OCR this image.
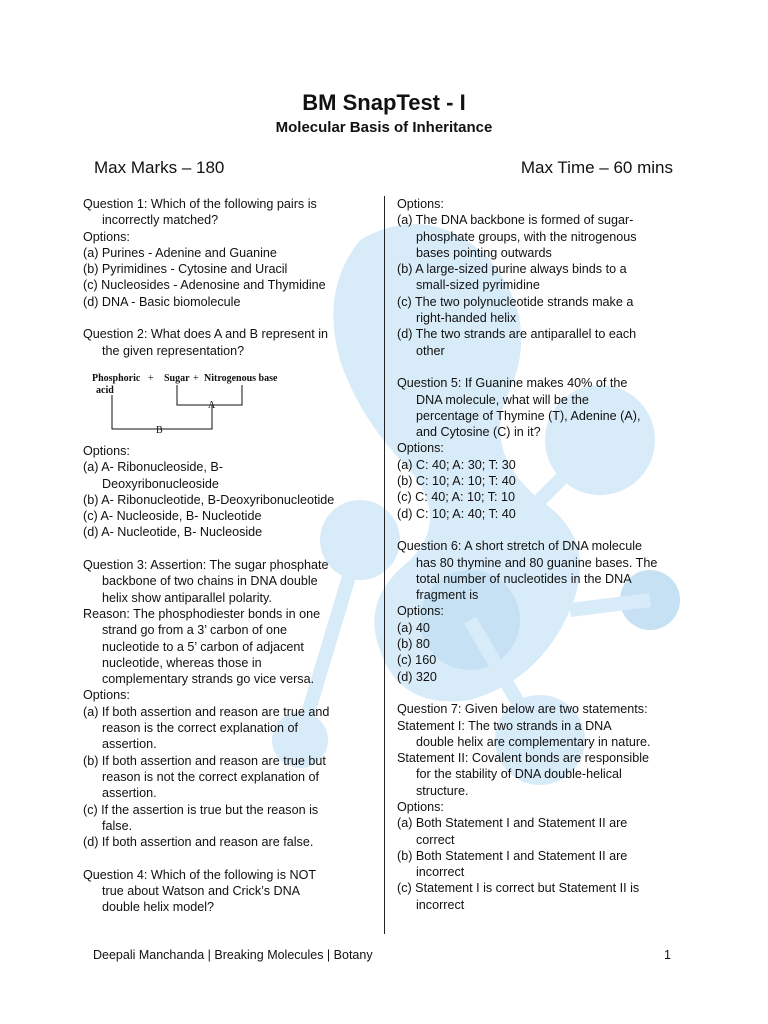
BM SnapTest - I
Molecular Basis of Inheritance
Max Marks – 180	Max Time – 60 mins
Question 1: Which of the following pairs is
incorrectly matched?
Options:
(a) Purines - Adenine and Guanine
(b) Pyrimidines - Cytosine and Uracil
(c) Nucleosides - Adenosine and Thymidine
(d) DNA - Basic biomolecule
Question 2: What does A and B represent in
the given representation?
Phosphoric
acid
+ Sugar + Nitrogenous base
A
B
Options:
(a) A- Ribonucleoside, B-
Deoxyribonucleoside
(b) A- Ribonucleotide, B-Deoxyribonucleotide
(c) A- Nucleoside, B- Nucleotide
(d) A- Nucleotide, B- Nucleoside
Question 3: Assertion: The sugar phosphate
backbone of two chains in DNA double
helix show antiparallel polarity.
Reason: The phosphodiester bonds in one
strand go from a 3’ carbon of one
nucleotide to a 5’ carbon of adjacent
nucleotide, whereas those in
complementary strands go vice versa.
Options:
(a) If both assertion and reason are true and
reason is the correct explanation of
assertion.
(b) If both assertion and reason are true but
reason is not the correct explanation of
assertion.
(c) If the assertion is true but the reason is
false.
(d) If both assertion and reason are false.
Question 4: Which of the following is NOT
true about Watson and Crick’s DNA
double helix model?
Options:
(a) The DNA backbone is formed of sugar-
phosphate groups, with the nitrogenous
bases pointing outwards
(b) A large-sized purine always binds to a
small-sized pyrimidine
(c) The two polynucleotide strands make a
right-handed helix
(d) The two strands are antiparallel to each
other
Question 5: If Guanine makes 40% of the
DNA molecule, what will be the
percentage of Thymine (T), Adenine (A),
and Cytosine (C) in it?
Options:
(a) C: 40; A: 30; T: 30
(b) C: 10; A: 10; T: 40
(c) C: 40; A: 10; T: 10
(d) C: 10; A: 40; T: 40
Question 6: A short stretch of DNA molecule
has 80 thymine and 80 guanine bases. The
total number of nucleotides in the DNA
fragment is
Options:
(a) 40
(b) 80
(c) 160
(d) 320
Question 7: Given below are two statements:
Statement I: The two strands in a DNA
double helix are complementary in nature.
Statement II: Covalent bonds are responsible
for the stability of DNA double-helical
structure.
Options:
(a) Both Statement I and Statement II are
correct
(b) Both Statement I and Statement II are
incorrect
(c) Statement I is correct but Statement II is
incorrect
Deepali Manchanda | Breaking Molecules | Botany	1
